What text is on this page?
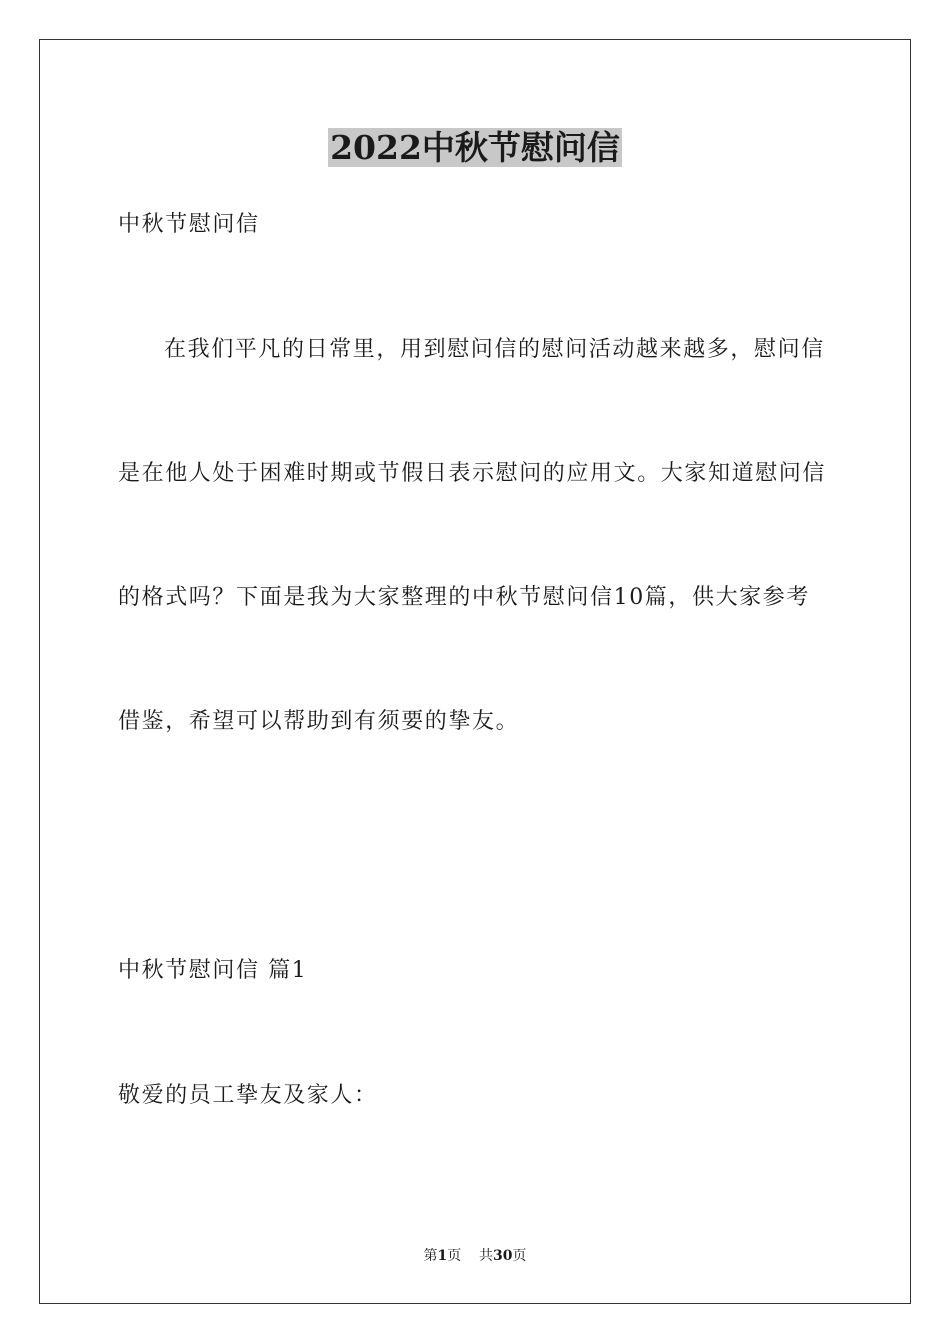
2022中秋节慰问信
中秋节慰问信
在我们平凡的日常里，用到慰问信的慰问活动越来越多，慰问信
是在他人处于困难时期或节假日表示慰问的应用文。大家知道慰问信
的格式吗？下面是我为大家整理的中秋节慰问信10篇，供大家参考
借鉴，希望可以帮助到有须要的挚友。
中秋节慰问信 篇1
敬爱的员工挚友及家人：
第1页 共30页
